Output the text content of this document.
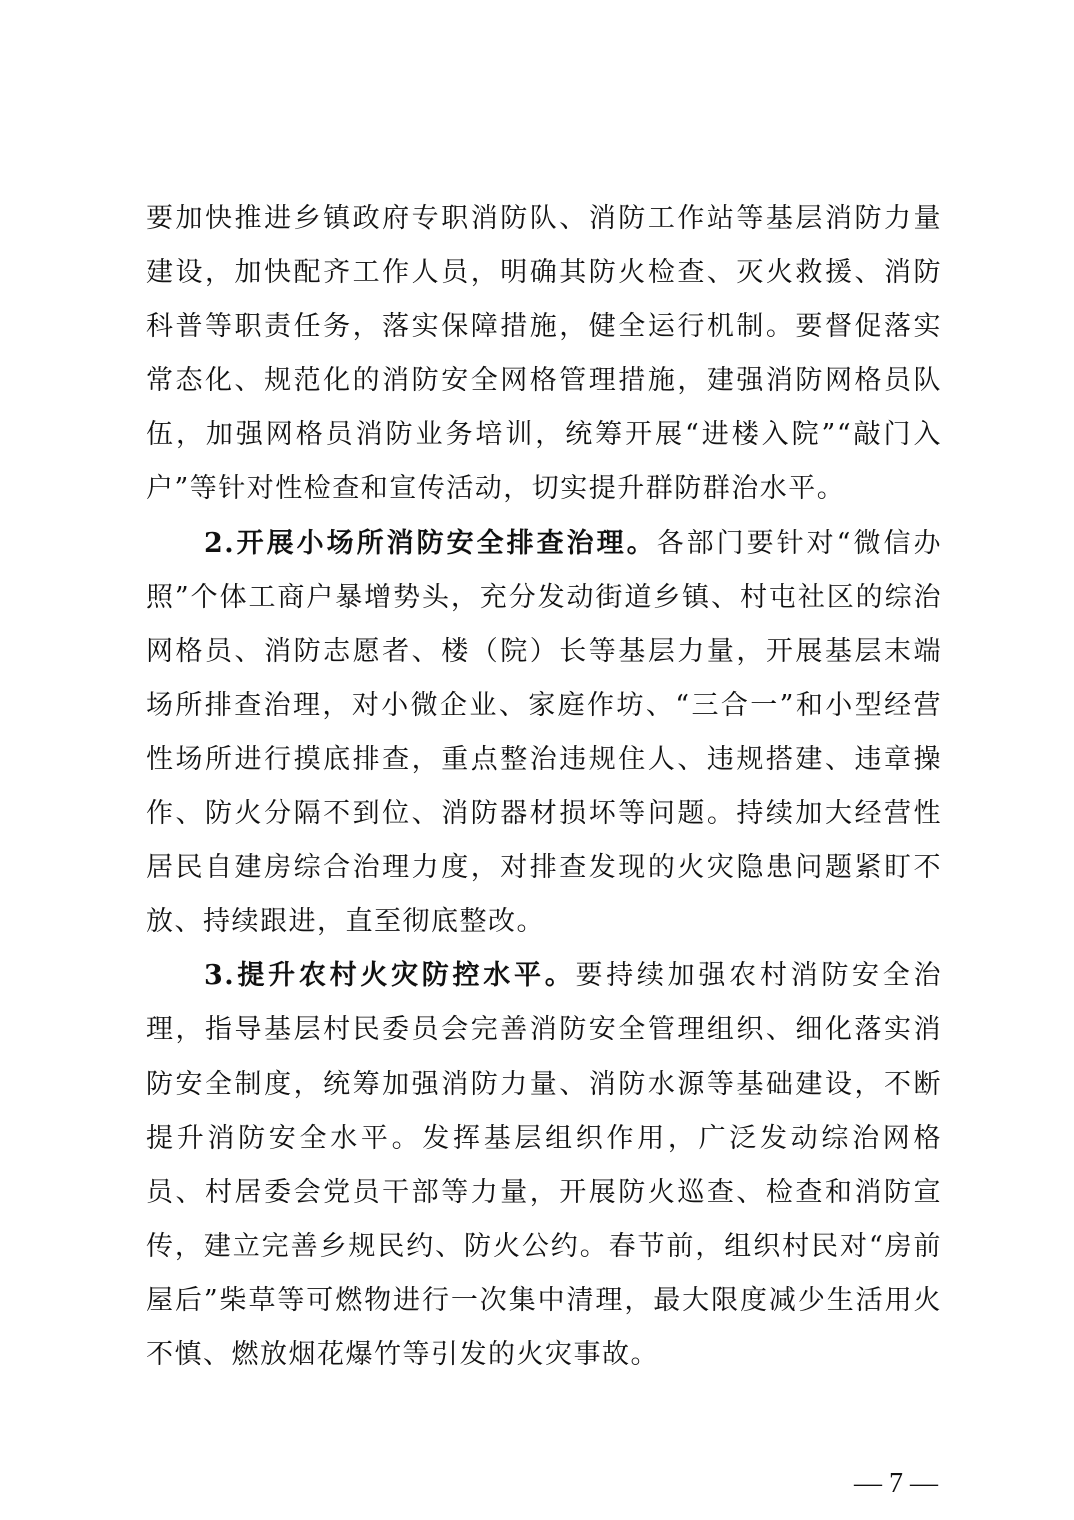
要加快推进乡镇政府专职消防队、消防工作站等基层消防力量建设，加快配齐工作人员，明确其防火检查、灭火救援、消防科普等职责任务，落实保障措施，健全运行机制。要督促落实常态化、规范化的消防安全网格管理措施，建强消防网格员队伍，加强网格员消防业务培训，统筹开展“进楼入院”“敲门入户”等针对性检查和宣传活动，切实提升群防群治水平。

2.开展小场所消防安全排查治理。各部门要针对“微信办照”个体工商户暴增势头，充分发动街道乡镇、村屯社区的综治网格员、消防志愿者、楼（院）长等基层力量，开展基层末端场所排查治理，对小微企业、家庭作坊、“三合一”和小型经营性场所进行摸底排查，重点整治违规住人、违规搭建、违章操作、防火分隔不到位、消防器材损坏等问题。持续加大经营性居民自建房综合治理力度，对排查发现的火灾隐患问题紧盯不放、持续跟进，直至彻底整改。

3.提升农村火灾防控水平。要持续加强农村消防安全治理，指导基层村民委员会完善消防安全管理组织、细化落实消防安全制度，统筹加强消防力量、消防水源等基础建设，不断提升消防安全水平。发挥基层组织作用，广泛发动综治网格员、村居委会党员干部等力量，开展防火巡查、检查和消防宣传，建立完善乡规民约、防火公约。春节前，组织村民对“房前屋后”柴草等可燃物进行一次集中清理，最大限度减少生活用火不慎、燃放烟花爆竹等引发的火灾事故。

— 7 —
